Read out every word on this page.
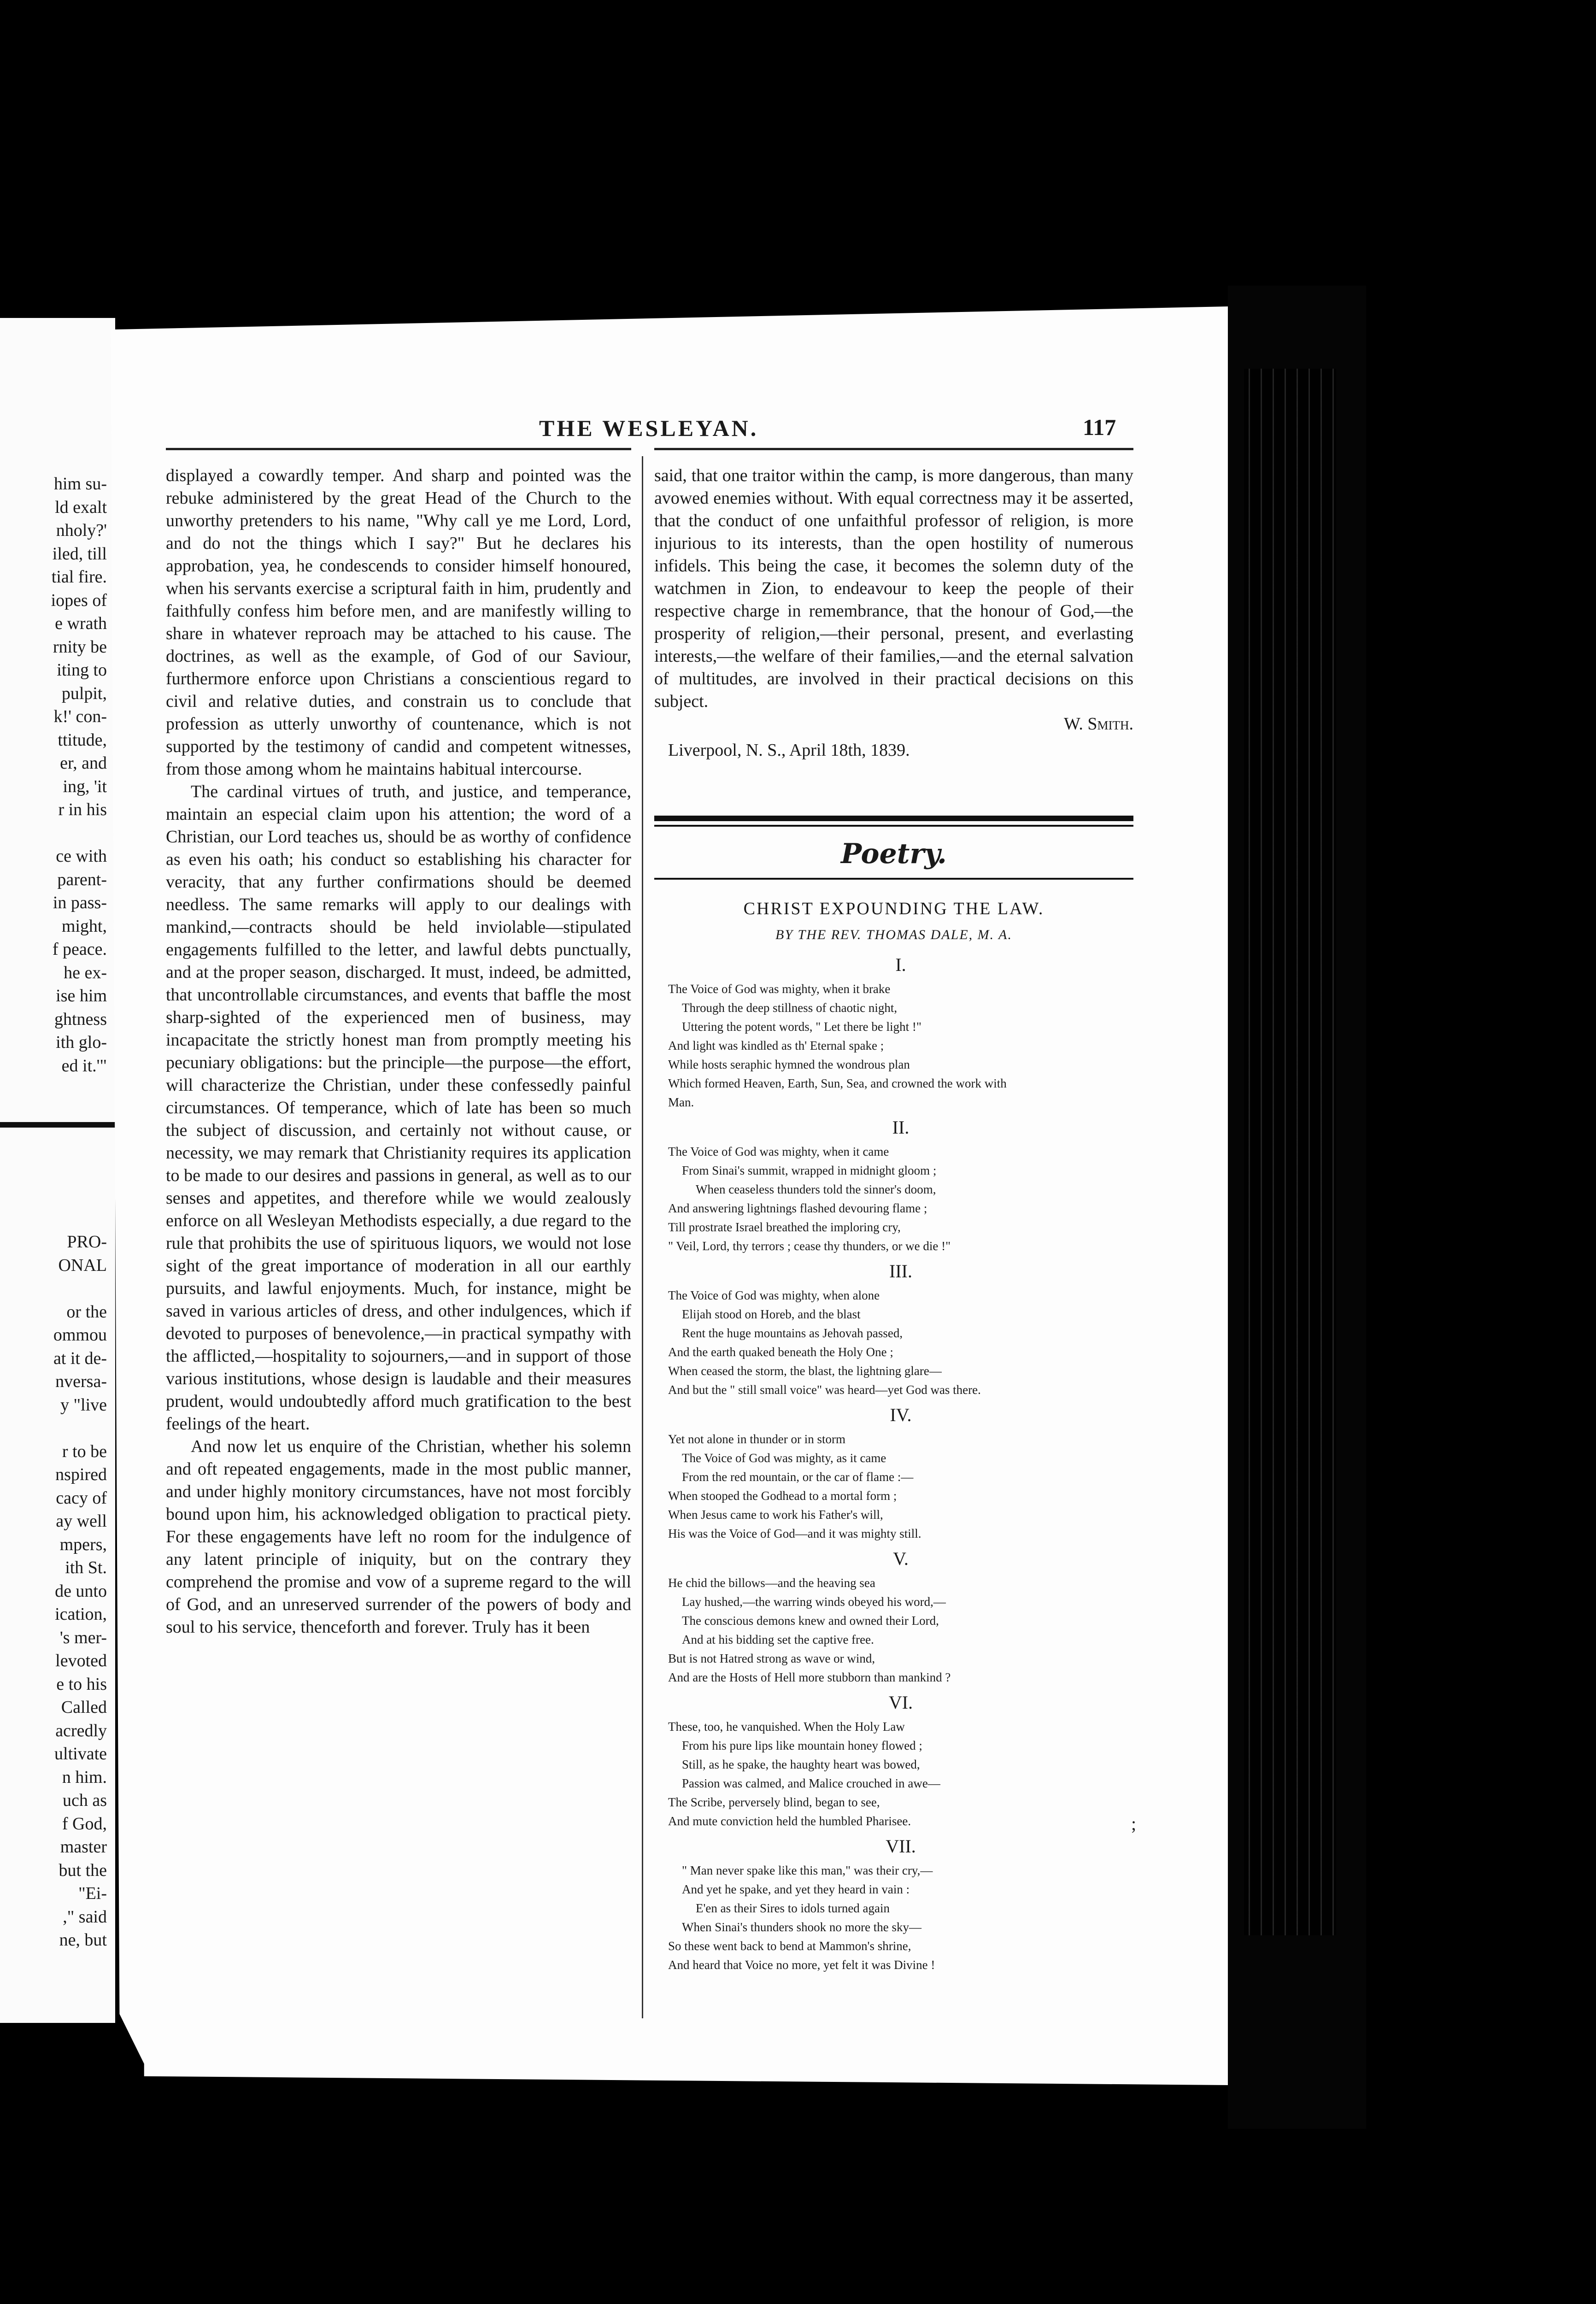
him su-
ld exalt
nholy?'
iled, till
tial fire.
iopes of
e wrath
rnity be
iting to
pulpit,
k!' con-
ttitude,
er, and
ing, 'it
r in his
ce with
parent-
in pass-
might,
f peace.
he ex-
ise him
ghtness
ith glo-
ed it.'"
PRO-
ONAL
or the
ommou
at it de-
nversa-
y "live
r to be
nspired
cacy of
ay well
mpers,
ith St.
de unto
ication,
's mer-
levoted
e to his
Called
acredly
ultivate
n him.
uch as
f God,
master
but the
"Ei-
," said
ne, but
THE WESLEYAN.	117

displayed a cowardly temper. And sharp and pointed was the rebuke administered by the great Head of the Church to the unworthy pretenders to his name, "Why call ye me Lord, Lord, and do not the things which I say?" But he declares his approbation, yea, he condescends to consider himself honoured, when his servants exercise a scriptural faith in him, prudently and faithfully confess him before men, and are manifestly willing to share in whatever reproach may be attached to his cause. The doctrines, as well as the example, of God of our Saviour, furthermore enforce upon Christians a conscientious regard to civil and relative duties, and constrain us to conclude that profession as utterly unworthy of countenance, which is not supported by the testimony of candid and competent witnesses, from those among whom he maintains habitual intercourse.

The cardinal virtues of truth, and justice, and temperance, maintain an especial claim upon his attention; the word of a Christian, our Lord teaches us, should be as worthy of confidence as even his oath; his conduct so establishing his character for veracity, that any further confirmations should be deemed needless. The same remarks will apply to our dealings with mankind,—contracts should be held inviolable—stipulated engagements fulfilled to the letter, and lawful debts punctually, and at the proper season, discharged. It must, indeed, be admitted, that uncontrollable circumstances, and events that baffle the most sharp-sighted of the experienced men of business, may incapacitate the strictly honest man from promptly meeting his pecuniary obligations: but the principle—the purpose—the effort, will characterize the Christian, under these confessedly painful circumstances. Of temperance, which of late has been so much the subject of discussion, and certainly not without cause, or necessity, we may remark that Christianity requires its application to be made to our desires and passions in general, as well as to our senses and appetites, and therefore while we would zealously enforce on all Wesleyan Methodists especially, a due regard to the rule that prohibits the use of spirituous liquors, we would not lose sight of the great importance of moderation in all our earthly pursuits, and lawful enjoyments. Much, for instance, might be saved in various articles of dress, and other indulgences, which if devoted to purposes of benevolence,—in practical sympathy with the afflicted,—hospitality to sojourners,—and in support of those various institutions, whose design is laudable and their measures prudent, would undoubtedly afford much gratification to the best feelings of the heart.

And now let us enquire of the Christian, whether his solemn and oft repeated engagements, made in the most public manner, and under highly monitory circumstances, have not most forcibly bound upon him, his acknowledged obligation to practical piety. For these engagements have left no room for the indulgence of any latent principle of iniquity, but on the contrary they comprehend the promise and vow of a supreme regard to the will of God, and an unreserved surrender of the powers of body and soul to his service, thenceforth and forever. Truly has it been

said, that one traitor within the camp, is more dangerous, than many avowed enemies without. With equal correctness may it be asserted, that the conduct of one unfaithful professor of religion, is more injurious to its interests, than the open hostility of numerous infidels. This being the case, it becomes the solemn duty of the watchmen in Zion, to endeavour to keep the people of their respective charge in remembrance, that the honour of God,—the prosperity of religion,—their personal, present, and everlasting interests,—the welfare of their families,—and the eternal salvation of multitudes, are involved in their practical decisions on this subject.

W. Smith.
Liverpool, N. S., April 18th, 1839.
Poetry.
CHRIST EXPOUNDING THE LAW.
BY THE REV. THOMAS DALE, M. A.
I.
The Voice of God was mighty, when it brake
Through the deep stillness of chaotic night,
Uttering the potent words, " Let there be light !"
And light was kindled as th' Eternal spake ;
While hosts seraphic hymned the wondrous plan
Which formed Heaven, Earth, Sun, Sea, and crowned the work with
Man.
II.
The Voice of God was mighty, when it came
From Sinai's summit, wrapped in midnight gloom ;
When ceaseless thunders told the sinner's doom,
And answering lightnings flashed devouring flame ;
Till prostrate Israel breathed the imploring cry,
" Veil, Lord, thy terrors ; cease thy thunders, or we die !"
III.
The Voice of God was mighty, when alone
Elijah stood on Horeb, and the blast
Rent the huge mountains as Jehovah passed,
And the earth quaked beneath the Holy One ;
When ceased the storm, the blast, the lightning glare—
And but the " still small voice" was heard—yet God was there.
IV.
Yet not alone in thunder or in storm
The Voice of God was mighty, as it came
From the red mountain, or the car of flame :—
When stooped the Godhead to a mortal form ;
When Jesus came to work his Father's will,
His was the Voice of God—and it was mighty still.
V.
He chid the billows—and the heaving sea
Lay hushed,—the warring winds obeyed his word,—
The conscious demons knew and owned their Lord,
And at his bidding set the captive free.
But is not Hatred strong as wave or wind,
And are the Hosts of Hell more stubborn than mankind ?
VI.
These, too, he vanquished. When the Holy Law
From his pure lips like mountain honey flowed ;
Still, as he spake, the haughty heart was bowed,
Passion was calmed, and Malice crouched in awe—
The Scribe, perversely blind, began to see,
And mute conviction held the humbled Pharisee.
VII.
" Man never spake like this man," was their cry,—
And yet he spake, and yet they heard in vain :
E'en as their Sires to idols turned again
When Sinai's thunders shook no more the sky—
So these went back to bend at Mammon's shrine,
And heard that Voice no more, yet felt it was Divine !
;
